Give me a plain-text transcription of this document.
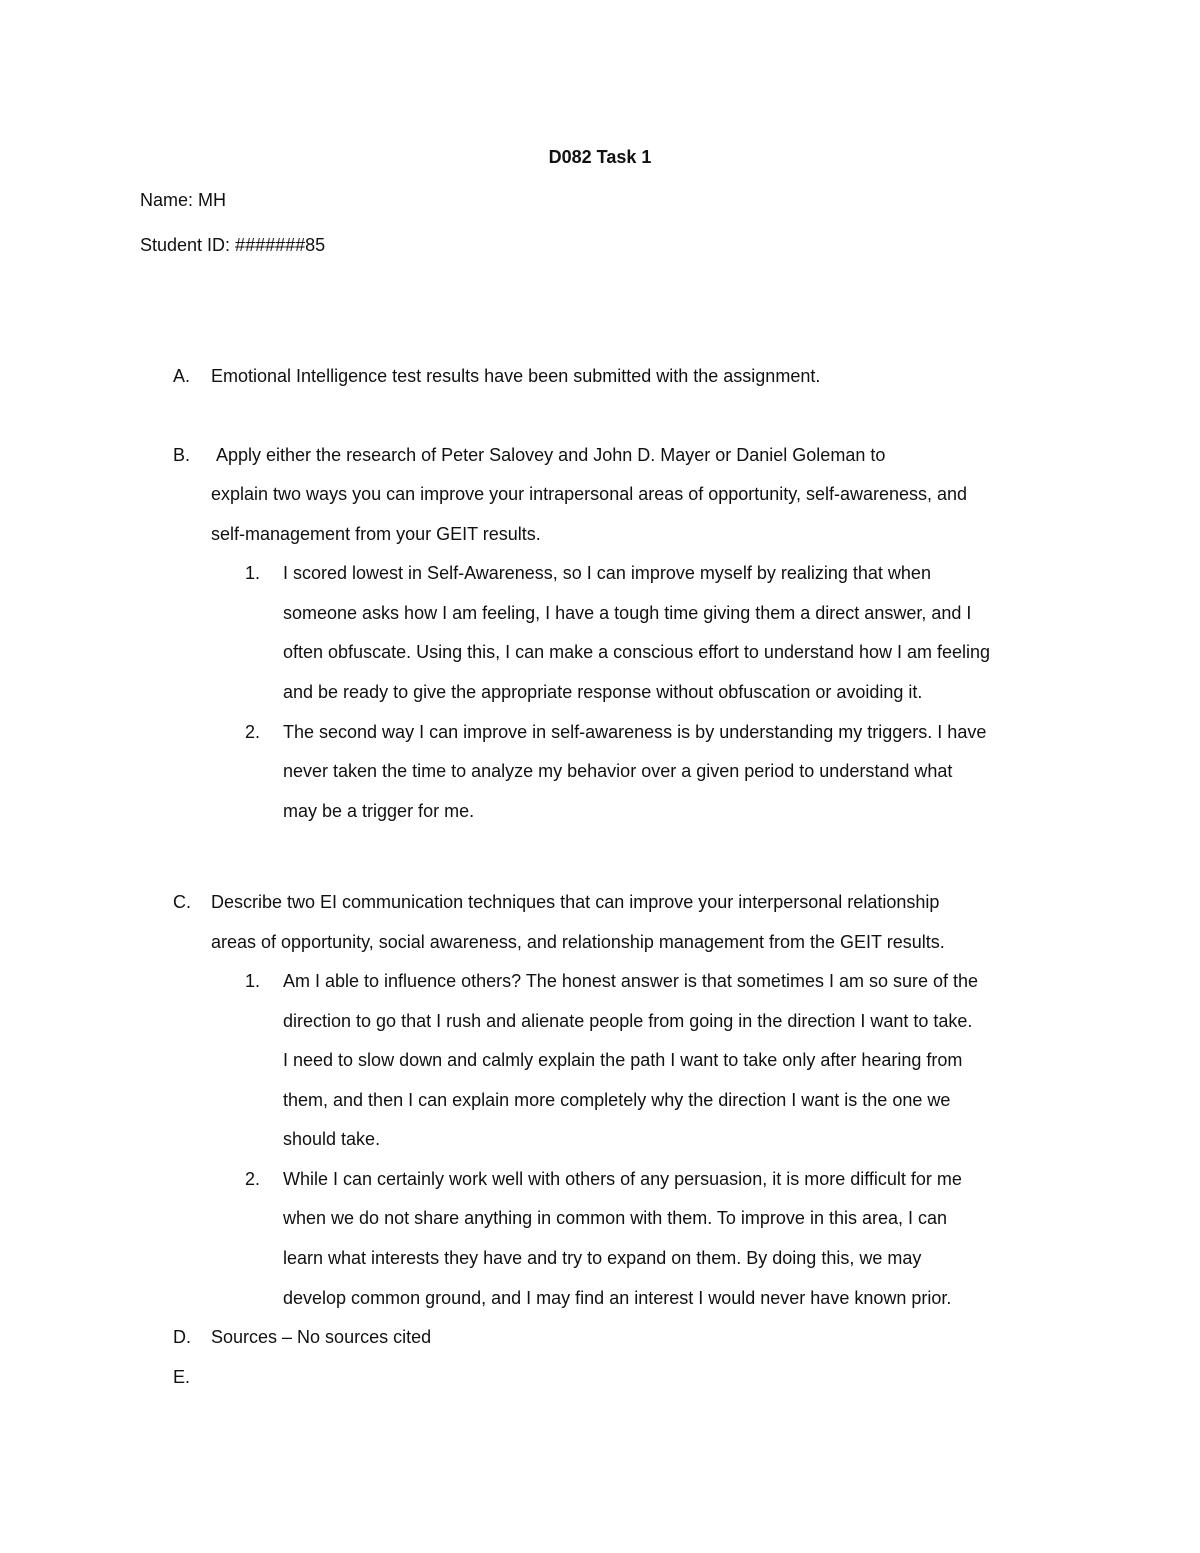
D082 Task 1
Name: MH
Student ID: #######85
A. Emotional Intelligence test results have been submitted with the assignment.
B. Apply either the research of Peter Salovey and John D. Mayer or Daniel Goleman to
explain two ways you can improve your intrapersonal areas of opportunity, self-awareness, and
self-management from your GEIT results.
1. I scored lowest in Self-Awareness, so I can improve myself by realizing that when
someone asks how I am feeling, I have a tough time giving them a direct answer, and I
often obfuscate. Using this, I can make a conscious effort to understand how I am feeling
and be ready to give the appropriate response without obfuscation or avoiding it.
2. The second way I can improve in self-awareness is by understanding my triggers. I have
never taken the time to analyze my behavior over a given period to understand what
may be a trigger for me.
C. Describe two EI communication techniques that can improve your interpersonal relationship
areas of opportunity, social awareness, and relationship management from the GEIT results.
1. Am I able to influence others? The honest answer is that sometimes I am so sure of the
direction to go that I rush and alienate people from going in the direction I want to take.
I need to slow down and calmly explain the path I want to take only after hearing from
them, and then I can explain more completely why the direction I want is the one we
should take.
2. While I can certainly work well with others of any persuasion, it is more difficult for me
when we do not share anything in common with them. To improve in this area, I can
learn what interests they have and try to expand on them. By doing this, we may
develop common ground, and I may find an interest I would never have known prior.
D. Sources – No sources cited
E.
